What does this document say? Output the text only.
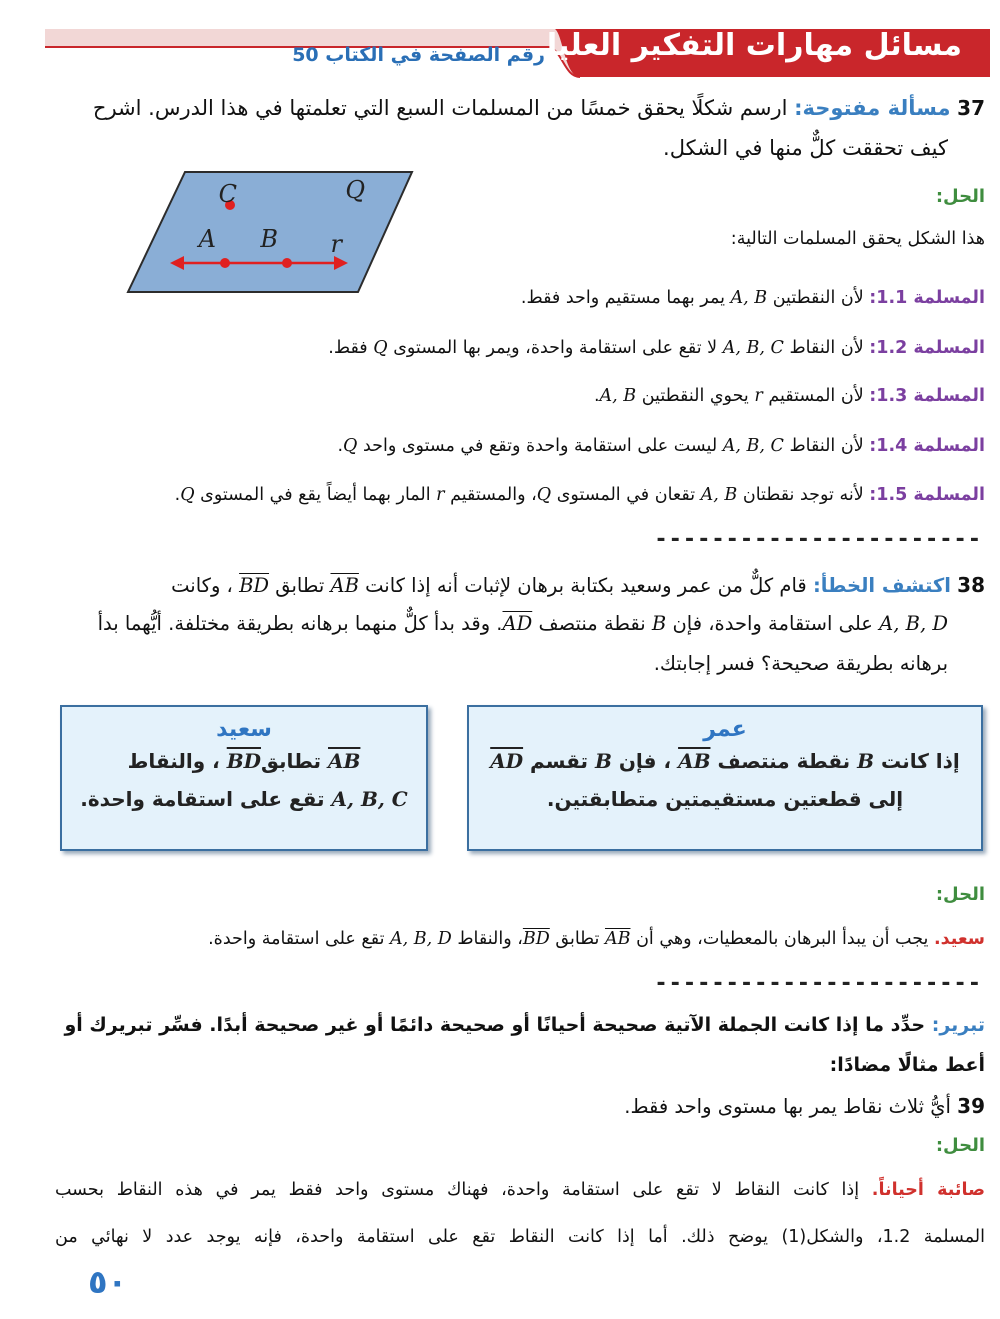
مسائل مهارات التفكير العليا
رقم الصفحة في الكتاب 50
37 مسألة مفتوحة: ارسم شكلًا يحقق خمسًا من المسلمات السبع التي تعلمتها في هذا الدرس. اشرح
كيف تحققت كلٌّ منها في الشكل.
C	Q
A B r
الحل:
هذا الشكل يحقق المسلمات التالية:
المسلمة 1.1: لأن النقطتين A, B يمر بهما مستقيم واحد فقط.
المسلمة 1.2: لأن النقاط A, B, C لا تقع على استقامة واحدة، ويمر بها المستوى Q فقط.
المسلمة 1.3: لأن المستقيم r يحوي النقطتين A, B.
المسلمة 1.4: لأن النقاط A, B, C ليست على استقامة واحدة وتقع في مستوى واحد Q.
المسلمة 1.5: لأنه توجد نقطتان A, B تقعان في المستوى Q، والمستقيم r المار بهما أيضاً يقع في المستوى Q.
-----------------------
38 اكتشف الخطأ: قام كلٌّ من عمر وسعيد بكتابة برهان لإثبات أنه إذا كانت $\overline{AB}$ تطابق $\overline{BD}$ ، وكانت
A, B, D على استقامة واحدة، فإن B نقطة منتصف $\overline{AD}$. وقد بدأ كلٌّ منهما برهانه بطريقة مختلفة. أيُّهما بدأ
برهانه بطريقة صحيحة؟ فسر إجابتك.
عمر
إذا كانت B نقطة منتصف $\overline{AB}$ ، فإن B تقسم $\overline{AD}$
إلى قطعتين مستقيمتين متطابقتين.
سعيد
$\overline{AB}$ $تطابق\overline{BD}$ ، والنقاط
A, B, C تقع على استقامة واحدة.
الحل:
سعيد. يجب أن يبدأ البرهان بالمعطيات، وهي أن $\overline{AB}$ تطابق $\overline{BD}،$ والنقاط A, B, D تقع على استقامة واحدة.
-----------------------
تبرير: حدِّد ما إذا كانت الجملة الآتية صحيحة أحيانًا أو صحيحة دائمًا أو غير صحيحة أبدًا. فسِّر تبريرك أو
أعط مثالًا مضادًا:
39 أيُّ ثلاث نقاط يمر بها مستوى واحد فقط.
الحل:
صائبة أحياناً. إذا كانت النقاط لا تقع على استقامة واحدة، فهناك مستوى واحد فقط يمر في هذه النقاط بحسب
المسلمة 1.2، والشكل(1) يوضح ذلك. أما إذا كانت النقاط تقع على استقامة واحدة، فإنه يوجد عدد لا نهائي من
٥٠
